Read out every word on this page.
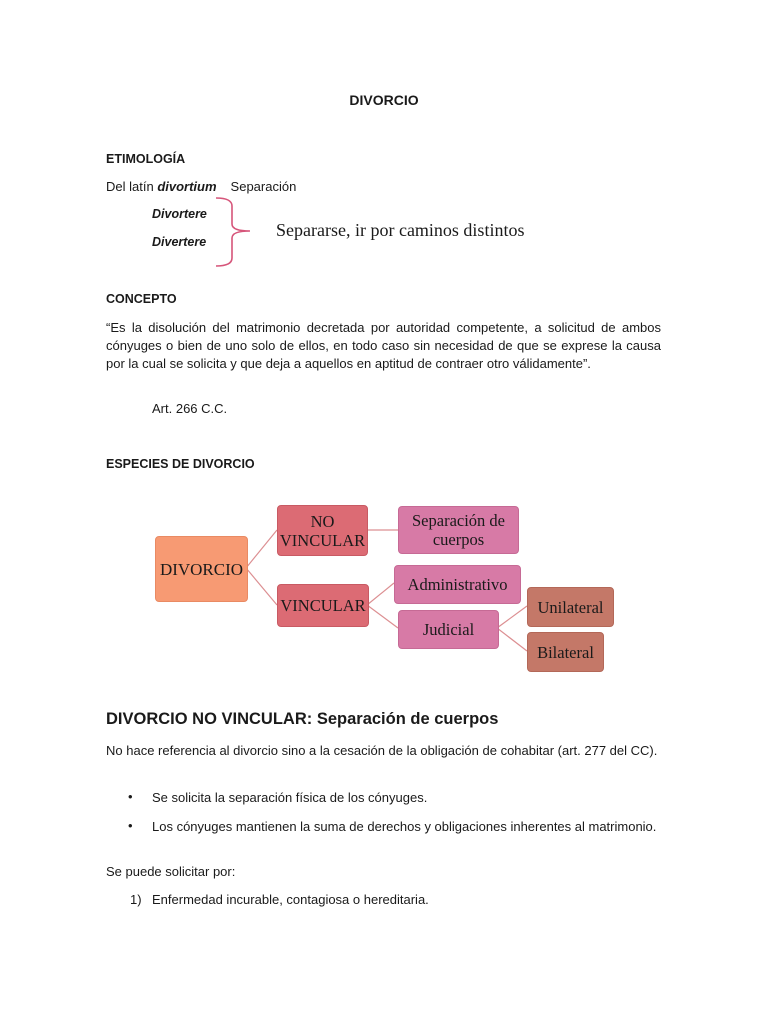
DIVORCIO
ETIMOLOGÍA
Del latín divortium Separación
Divortere
Divertere
Separarse, ir por caminos distintos
CONCEPTO
“Es la disolución del matrimonio decretada por autoridad competente, a solicitud de ambos cónyuges o bien de uno solo de ellos, en todo caso sin necesidad de que se exprese la causa por la cual se solicita y que deja a aquellos en aptitud de contraer otro válidamente”.
Art. 266 C.C.
ESPECIES DE DIVORCIO
DIVORCIO
NO VINCULAR
Separación de cuerpos
VINCULAR
Administrativo
Judicial
Unilateral
Bilateral
DIVORCIO NO VINCULAR: Separación de cuerpos
No hace referencia al divorcio sino a la cesación de la obligación de cohabitar (art. 277 del CC).
• Se solicita la separación física de los cónyuges.
• Los cónyuges mantienen la suma de derechos y obligaciones inherentes al matrimonio.
Se puede solicitar por:
1) Enfermedad incurable, contagiosa o hereditaria.
